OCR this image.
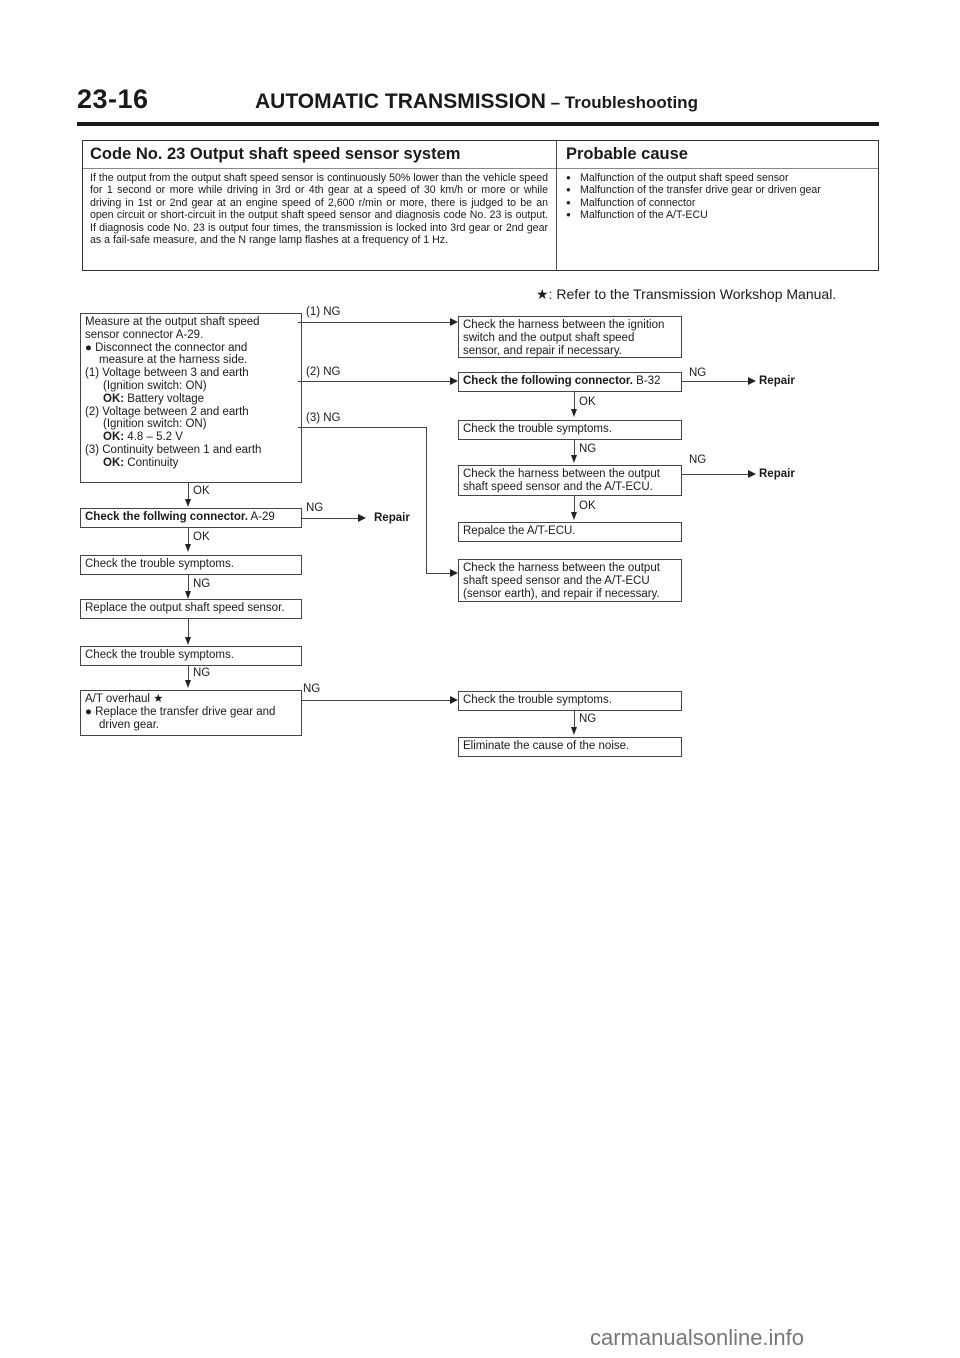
23-16	AUTOMATIC TRANSMISSION – Troubleshooting
Code No. 23 Output shaft speed sensor system	Probable cause
If the output from the output shaft speed sensor is continuously 50% lower than the vehicle speed for 1 second or more while driving in 3rd or 4th gear at a speed of 30 km/h or more or while driving in 1st or 2nd gear at an engine speed of 2,600 r/min or more, there is judged to be an open circuit or short-circuit in the output shaft speed sensor and diagnosis code No. 23 is output. If diagnosis code No. 23 is output four times, the transmission is locked into 3rd gear or 2nd gear as a fail-safe measure, and the N range lamp flashes at a frequency of 1 Hz.
● Malfunction of the output shaft speed sensor
● Malfunction of the transfer drive gear or driven gear
● Malfunction of connector
● Malfunction of the A/T-ECU
★: Refer to the Transmission Workshop Manual.
Measure at the output shaft speed
sensor connector A-29.
● Disconnect the connector and
measure at the harness side.
(1) Voltage between 3 and earth
(Ignition switch: ON)
OK: Battery voltage
(2) Voltage between 2 and earth
(Ignition switch: ON)
OK: 4.8 – 5.2 V
(3) Continuity between 1 and earth
OK: Continuity
(1) NG
Check the harness between the ignition
switch and the output shaft speed
sensor, and repair if necessary.
(2) NG
Check the following connector. B-32
NG
Repair
OK
(3) NG
Check the trouble symptoms.
NG
Check the harness between the output
shaft speed sensor and the A/T-ECU.
NG
Repair
OK
Repalce the A/T-ECU.
Check the harness between the output
shaft speed sensor and the A/T-ECU
(sensor earth), and repair if necessary.
OK
Check the follwing connector. A-29
NG
Repair
OK
Check the trouble symptoms.
NG
Replace the output shaft speed sensor.
Check the trouble symptoms.
NG
A/T overhaul ★
● Replace the transfer drive gear and
driven gear.
NG
Check the trouble symptoms.
NG
Eliminate the cause of the noise.
carmanualsonline.info
